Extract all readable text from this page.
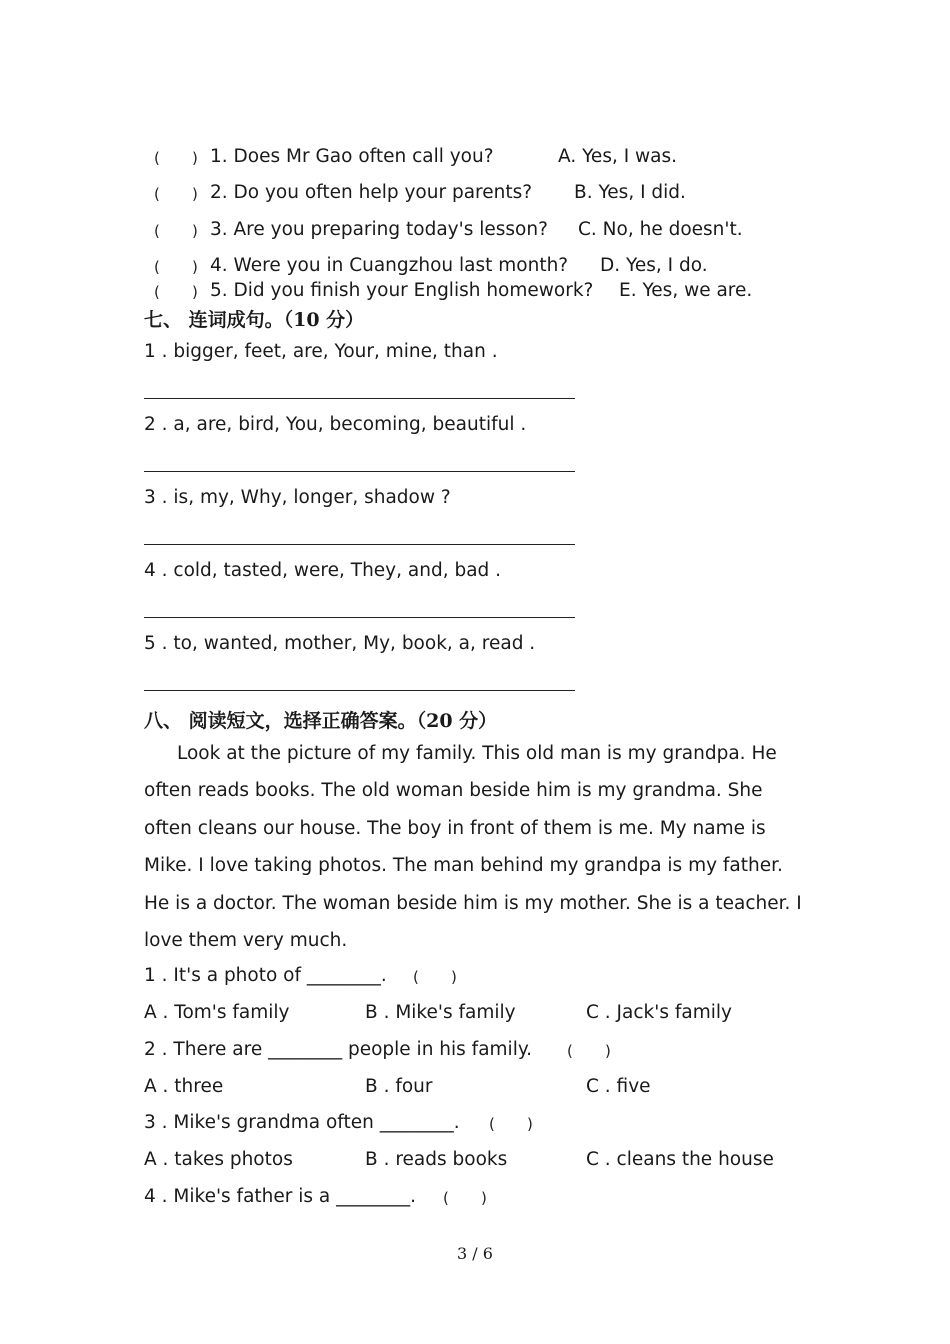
( ) 1. Does Mr Gao often call you?	A. Yes, I was.
( ) 2. Do you often help your parents? B. Yes, I did.
( ) 3. Are you preparing today's lesson? C. No, he doesn't.
( ) 4. Were you in Cuangzhou last month? D. Yes, I do.
( ) 5. Did you finish your English homework? E. Yes, we are.
七、 连词成句。（10 分）
1 . bigger, feet, are, Your, mine, than .
2 . a, are, bird, You, becoming, beautiful .
3 . is, my, Why, longer, shadow ?
4 . cold, tasted, were, They, and, bad .
5 . to, wanted, mother, My, book, a, read .
八、 阅读短文，选择正确答案。（20 分）
Look at the picture of my family. This old man is my grandpa. He often reads books. The old woman beside him is my grandma. She often cleans our house. The boy in front of them is me. My name is Mike. I love taking photos. The man behind my grandpa is my father. He is a doctor. The woman beside him is my mother. She is a teacher. I love them very much.
1 . It's a photo of ________. ( )
A . Tom's family	B . Mike's family	C . Jack's family
2 . There are ________ people in his family. ( )
A . three	B . four	C . five
3 . Mike's grandma often ________. ( )
A . takes photos	B . reads books	C . cleans the house
4 . Mike's father is a ________. ( )
3 / 6
